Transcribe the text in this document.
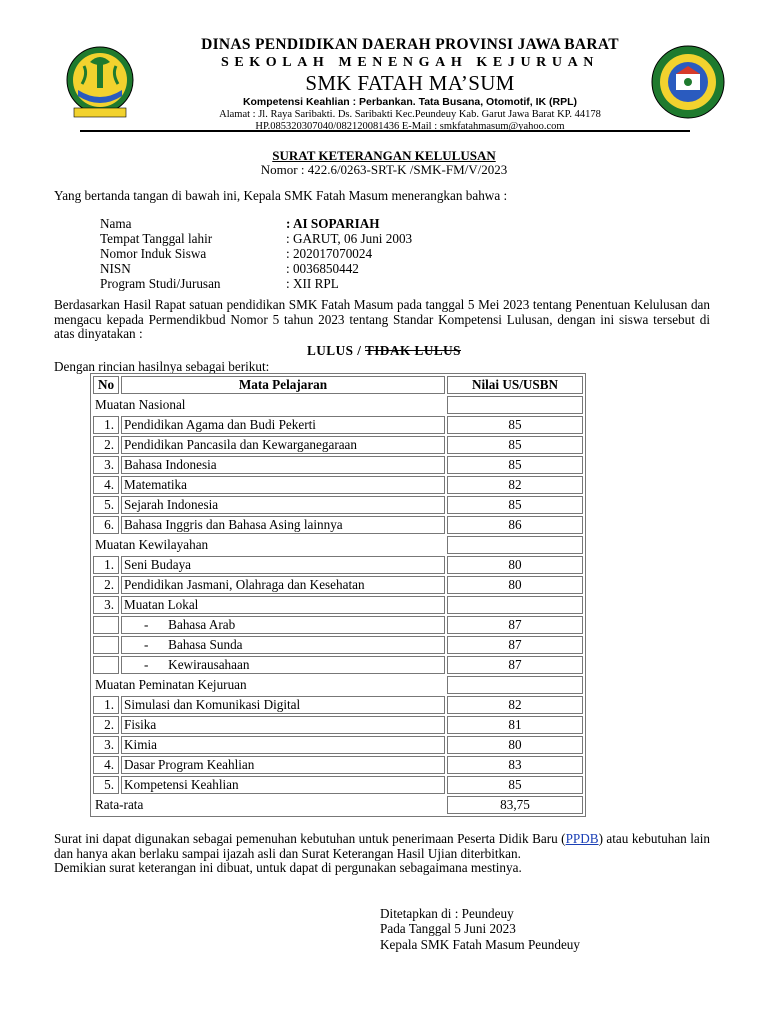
DINAS PENDIDIKAN DAERAH PROVINSI JAWA BARAT
SEKOLAH MENENGAH KEJURUAN
SMK FATAH MA’SUM
Kompetensi Keahlian : Perbankan. Tata Busana, Otomotif, IK (RPL)
Alamat : Jl. Raya Saribakti. Ds. Saribakti Kec.Peundeuy Kab. Garut Jawa Barat KP. 44178
HP.085320307040/082120081436 E-Mail : smkfatahmasum@yahoo.com
SURAT KETERANGAN KELULUSAN
Nomor : 422.6/0263-SRT-K /SMK-FM/V/2023
Yang bertanda tangan di bawah ini, Kepala SMK Fatah Masum menerangkan bahwa :
Nama	: AI SOPARIAH
Tempat Tanggal lahir	: GARUT, 06 Juni 2003
Nomor Induk Siswa	: 202017070024
NISN	: 0036850442
Program Studi/Jurusan	: XII RPL
Berdasarkan Hasil Rapat satuan pendidikan SMK Fatah Masum pada tanggal 5 Mei 2023 tentang Penentuan Kelulusan dan mengacu kepada Permendikbud Nomor 5 tahun 2023 tentang Standar Kompetensi Lulusan, dengan ini siswa tersebut di atas dinyatakan :
LULUS / TIDAK LULUS
Dengan rincian hasilnya sebagai berikut:
No	Mata Pelajaran	Nilai US/USBN
Muatan Nasional		
1.	Pendidikan Agama dan Budi Pekerti	85
2.	Pendidikan Pancasila dan Kewarganegaraan	85
3.	Bahasa Indonesia	85
4.	Matematika	82
5.	Sejarah Indonesia	85
6.	Bahasa Inggris dan Bahasa Asing lainnya	86
Muatan Kewilayahan		
1.	Seni Budaya	80
2.	Pendidikan Jasmani, Olahraga dan Kesehatan	80
3.	Muatan Lokal	
	-      Bahasa Arab	87
	-      Bahasa Sunda	87
	-      Kewirausahaan	87
Muatan Peminatan Kejuruan		
1.	Simulasi dan Komunikasi Digital	82
2.	Fisika	81
3.	Kimia	80
4.	Dasar Program Keahlian	83
5.	Kompetensi Keahlian	85
Rata-rata		83,75
Surat ini dapat digunakan sebagai pemenuhan kebutuhan untuk penerimaan Peserta Didik Baru (PPDB) atau kebutuhan lain dan hanya akan berlaku sampai ijazah asli dan Surat Keterangan Hasil Ujian diterbitkan.
Demikian surat keterangan ini dibuat, untuk dapat di pergunakan sebagaimana mestinya.
Ditetapkan di : Peundeuy
Pada Tanggal 5 Juni 2023
Kepala SMK Fatah Masum Peundeuy
